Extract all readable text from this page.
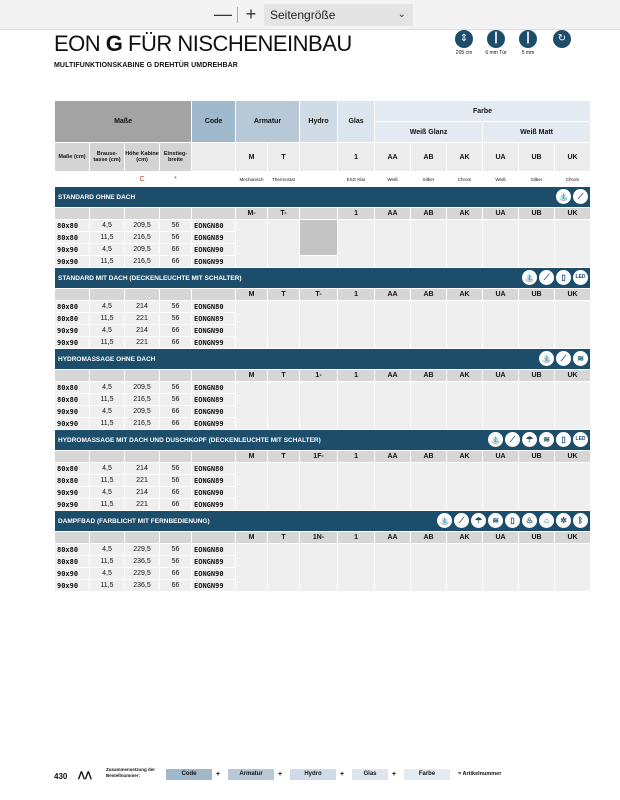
— +	Seitengröße	⌄
EON G FÜR NISCHENEINBAU
MULTIFUNKTIONSKABINE G DREHTÜR UMDREHBAR
⇕
205 cm
┃
6 mm Tür
┃
5 mm
↻
Maße				Code	Armatur		Hydro	Glas	Farbe					
									Weiß Glanz			Weiß Matt		
Maße (cm)	Brause-tasse (cm)	Höhe Kabine (cm)	Einstieg-breite		M	T		1	AA	AB	AK	UA	UB	UK
		C	*		Mechanisch	Thermostat		ESG Klar	Weiß	Silber	Chrom	Weiß	Silber	Chrom
STANDARD OHNE DACH ⛲ ⟋														

					M-	T-		1	AA	AB	AK	UA	UB	UK
80x80	4,5	209,5	56	EONGN80										
80x80	11,5	216,5	56	EONGN89										
90x90	4,5	209,5	66	EONGN90										
90x90	11,5	216,5	66	EONGN99										
STANDARD MIT DACH (DECKENLEUCHTE MIT SCHALTER) ⛲ ⟋ ▯ LED														

					M	T	T-	1	AA	AB	AK	UA	UB	UK
80x80	4,5	214	56	EONGN80										
80x80	11,5	221	56	EONGN89										
90x90	4,5	214	66	EONGN90										
90x90	11,5	221	66	EONGN99										
HYDROMASSAGE OHNE DACH ⛲ ⟋ ≋														

					M	T	1-	1	AA	AB	AK	UA	UB	UK
80x80	4,5	209,5	56	EONGN80										
80x80	11,5	216,5	56	EONGN89										
90x90	4,5	209,5	66	EONGN90										
90x90	11,5	216,5	66	EONGN99										
HYDROMASSAGE MIT DACH UND DUSCHKOPF (DECKENLEUCHTE MIT SCHALTER) ⛲ ⟋ ☂ ≋ ▯ LED														

					M	T	1F-	1	AA	AB	AK	UA	UB	UK
80x80	4,5	214	56	EONGN80										
80x80	11,5	221	56	EONGN89										
90x90	4,5	214	66	EONGN90										
90x90	11,5	221	66	EONGN99										
DAMPFBAD (FARBLICHT MIT FERNBEDIENUNG) ⛲ ⟋ ☂ ≋ ▯ ♨ ⌂ ✲ ᛒ														

					M	T	1N-	1	AA	AB	AK	UA	UB	UK
80x80	4,5	229,5	56	EONGN80										
80x80	11,5	236,5	56	EONGN89										
90x90	4,5	229,5	66	EONGN90										
90x90	11,5	236,5	66	EONGN99										
430 ᐱᐱ
Zusammensetzung der Bestellnummer:	Code	+	Armatur	+	Hydro	+	Glas	+	Farbe	= Artikelnummer
